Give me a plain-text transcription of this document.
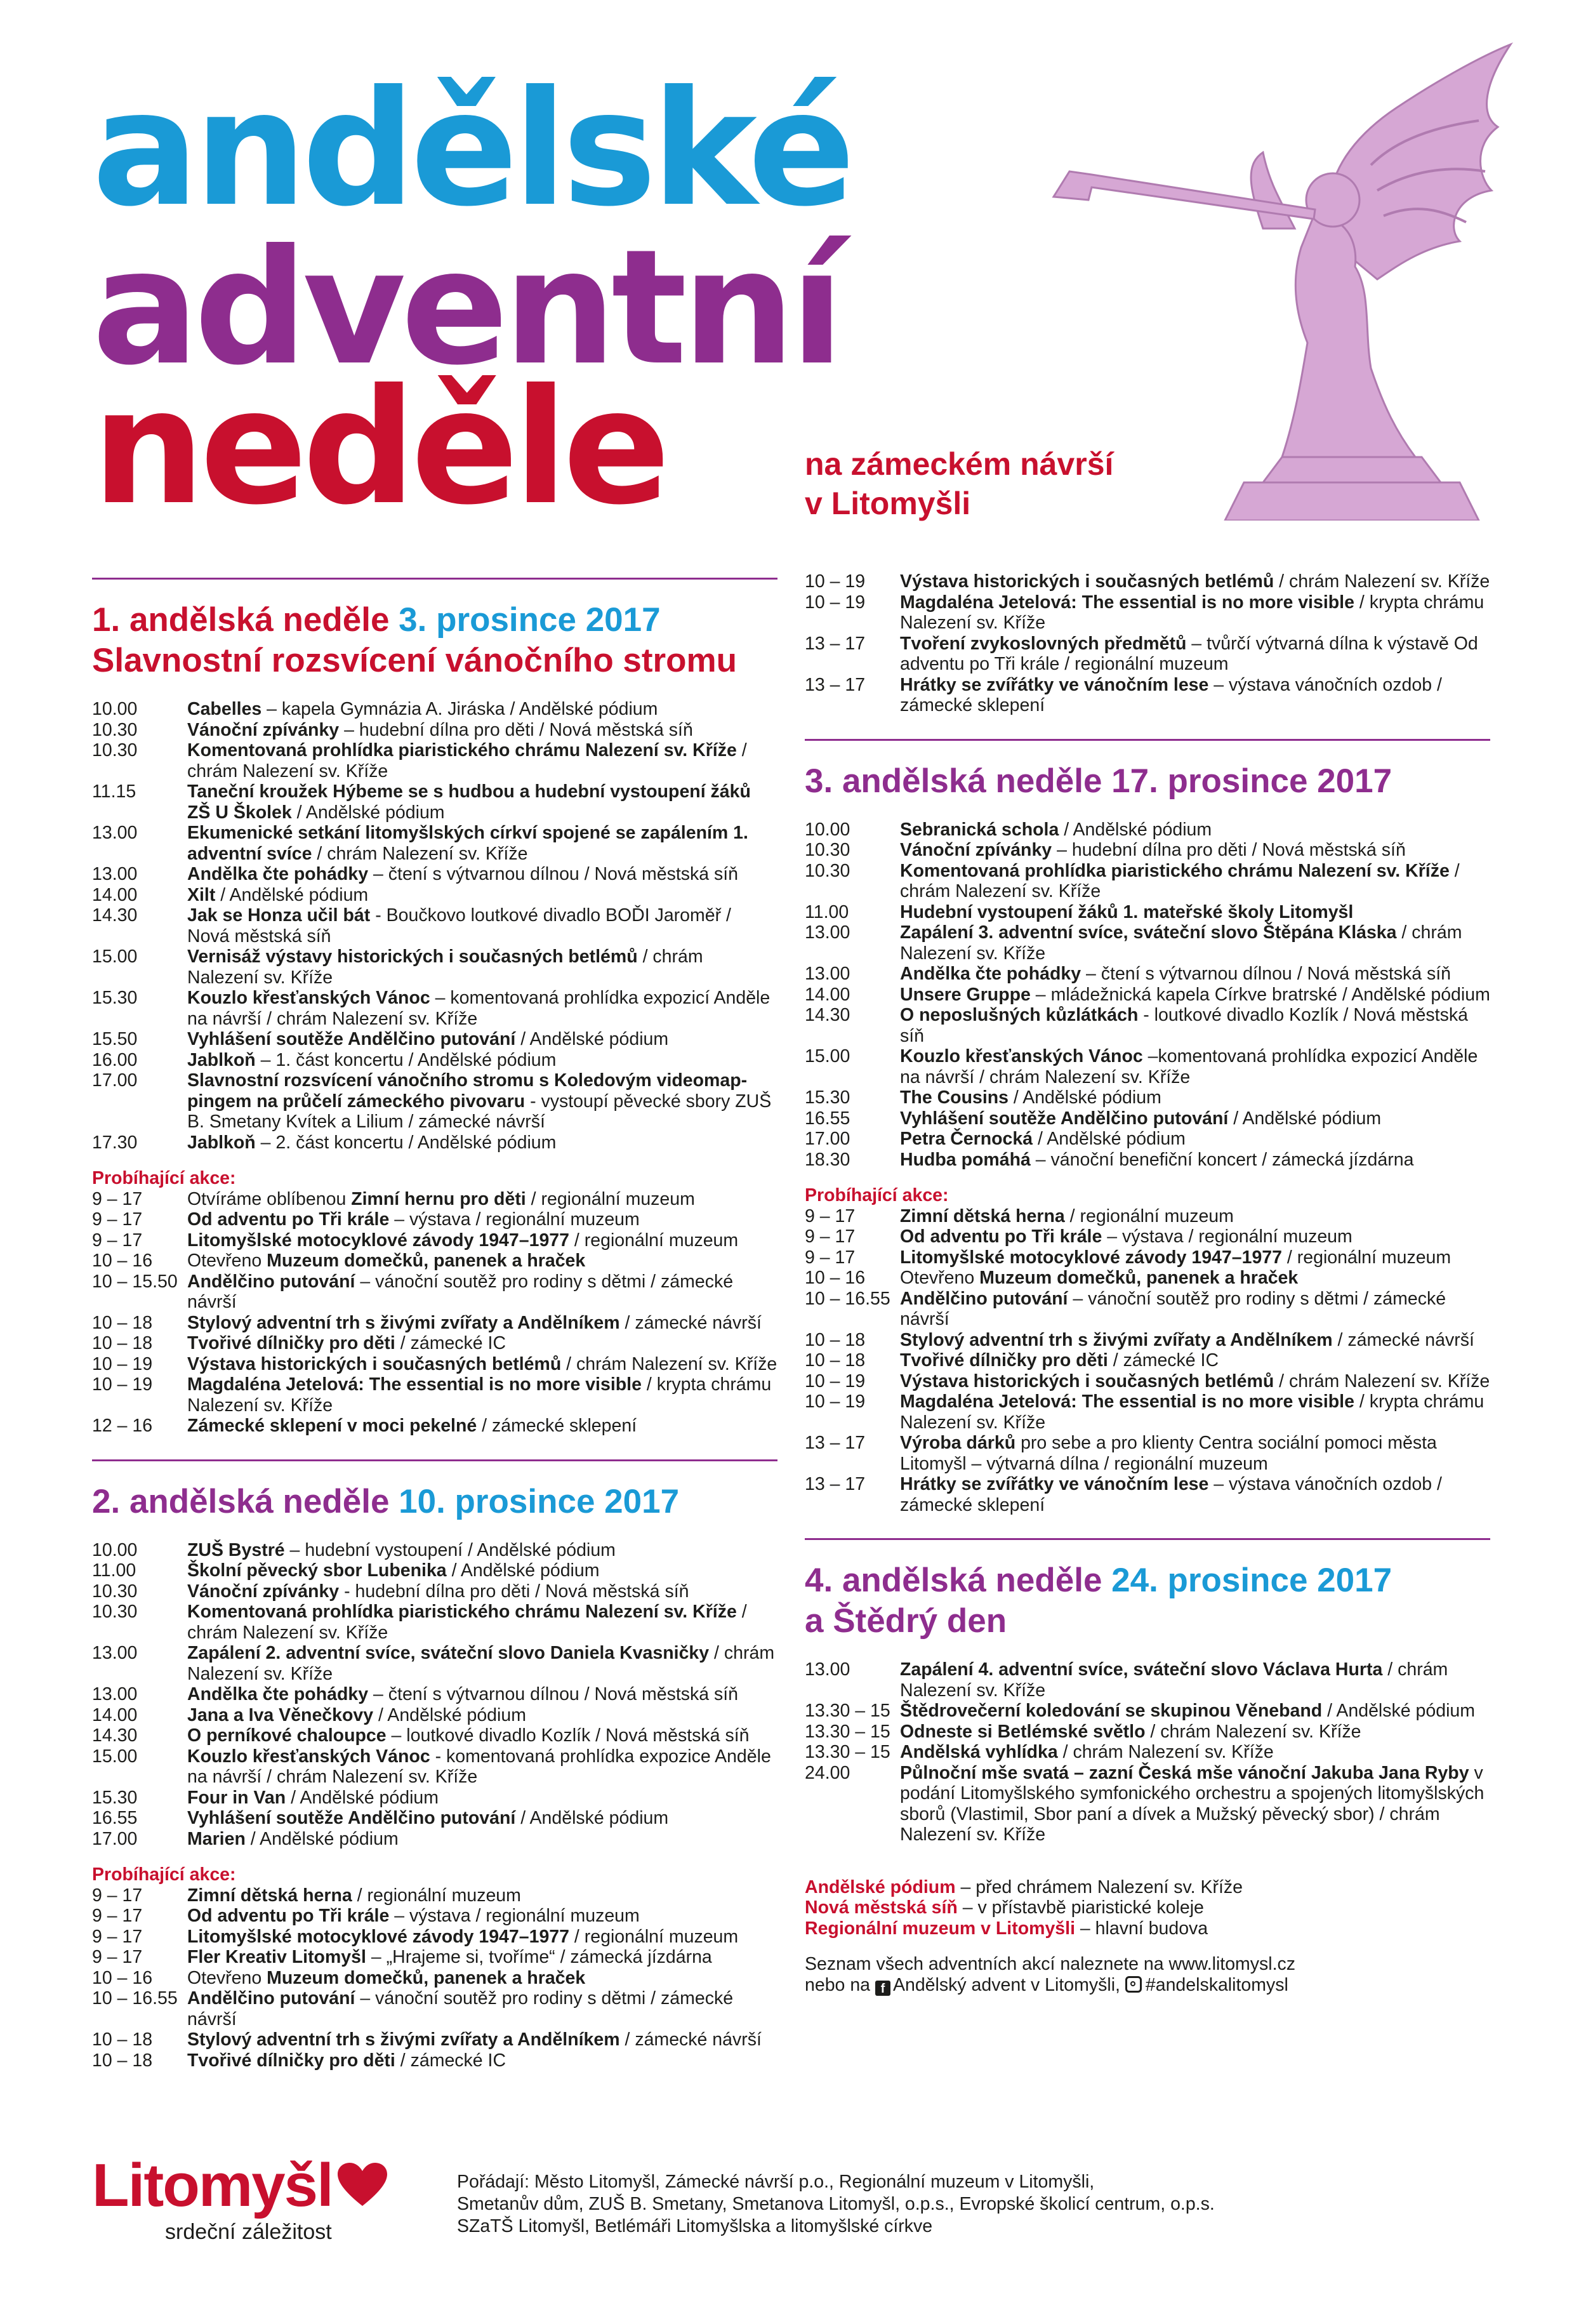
andělské
adventní
neděle	na zámeckém návrší
v Litomyšli
1. andělská neděle 3. prosince 2017
Slavnostní rozsvícení vánočního stromu
10.00	Cabelles – kapela Gymnázia A. Jiráska / Andělské pódium
10.30	Vánoční zpívánky – hudební dílna pro děti / Nová městská síň
10.30	Komentovaná prohlídka piaristického chrámu Nalezení sv. Kříže / chrám Nalezení sv. Kříže
11.15	Taneční kroužek Hýbeme se s hudbou a hudební vystoupení žáků ZŠ U Školek / Andělské pódium
13.00	Ekumenické setkání litomyšlských církví spojené se zapálením 1. adventní svíce / chrám Nalezení sv. Kříže
13.00	Andělka čte pohádky – čtení s výtvarnou dílnou / Nová městská síň
14.00	Xilt / Andělské pódium
14.30	Jak se Honza učil bát - Boučkovo loutkové divadlo BOĎI Jaroměř / Nová městská síň
15.00	Vernisáž výstavy historických i současných betlémů / chrám Nalezení sv. Kříže
15.30	Kouzlo křesťanských Vánoc – komentovaná prohlídka expozicí Anděle na návrší / chrám Nalezení sv. Kříže
15.50	Vyhlášení soutěže Andělčino putování / Andělské pódium
16.00	Jablkoň – 1. část koncertu / Andělské pódium
17.00	Slavnostní rozsvícení vánočního stromu s Koledovým videomap-pingem na průčelí zámeckého pivovaru - vystoupí pěvecké sbory ZUŠ B. Smetany Kvítek a Lilium / zámecké návrší
17.30	Jablkoň – 2. část koncertu / Andělské pódium
Probíhající akce:
9 – 17	Otvíráme oblíbenou Zimní hernu pro děti / regionální muzeum
9 – 17	Od adventu po Tři krále – výstava / regionální muzeum
9 – 17	Litomyšlské motocyklové závody 1947–1977 / regionální muzeum
10 – 16	Otevřeno Muzeum domečků, panenek a hraček
10 – 15.50 Andělčino putování – vánoční soutěž pro rodiny s dětmi / zámecké návrší
10 – 18	Stylový adventní trh s živými zvířaty a Andělníkem / zámecké návrší
10 – 18	Tvořivé dílničky pro děti / zámecké IC
10 – 19	Výstava historických i současných betlémů / chrám Nalezení sv. Kříže
10 – 19	Magdaléna Jetelová: The essential is no more visible / krypta chrámu Nalezení sv. Kříže
12 – 16	Zámecké sklepení v moci pekelné / zámecké sklepení
2. andělská neděle 10. prosince 2017
10.00	ZUŠ Bystré – hudební vystoupení / Andělské pódium
11.00	Školní pěvecký sbor Lubenika / Andělské pódium
10.30	Vánoční zpívánky - hudební dílna pro děti / Nová městská síň
10.30	Komentovaná prohlídka piaristického chrámu Nalezení sv. Kříže / chrám Nalezení sv. Kříže
13.00	Zapálení 2. adventní svíce, sváteční slovo Daniela Kvasničky / chrám Nalezení sv. Kříže
13.00	Andělka čte pohádky – čtení s výtvarnou dílnou / Nová městská síň
14.00	Jana a Iva Věnečkovy / Andělské pódium
14.30	O perníkové chaloupce – loutkové divadlo Kozlík / Nová městská síň
15.00	Kouzlo křesťanských Vánoc - komentovaná prohlídka expozice Anděle na návrší / chrám Nalezení sv. Kříže
15.30	Four in Van / Andělské pódium
16.55	Vyhlášení soutěže Andělčino putování / Andělské pódium
17.00	Marien / Andělské pódium
Probíhající akce:
9 – 17	Zimní dětská herna / regionální muzeum
9 – 17	Od adventu po Tři krále – výstava / regionální muzeum
9 – 17	Litomyšlské motocyklové závody 1947–1977 / regionální muzeum
9 – 17	Fler Kreativ Litomyšl – „Hrajeme si, tvoříme“ / zámecká jízdárna
10 – 16	Otevřeno Muzeum domečků, panenek a hraček
10 – 16.55 Andělčino putování – vánoční soutěž pro rodiny s dětmi / zámecké návrší
10 – 18	Stylový adventní trh s živými zvířaty a Andělníkem / zámecké návrší
10 – 18	Tvořivé dílničky pro děti / zámecké IC
10 – 19	Výstava historických i současných betlémů / chrám Nalezení sv. Kříže
10 – 19	Magdaléna Jetelová: The essential is no more visible / krypta chrámu Nalezení sv. Kříže
13 – 17	Tvoření zvykoslovných předmětů – tvůrčí výtvarná dílna k výstavě Od adventu po Tři krále / regionální muzeum
13 – 17	Hrátky se zvířátky ve vánočním lese – výstava vánočních ozdob / zámecké sklepení
3. andělská neděle 17. prosince 2017
10.00	Sebranická schola / Andělské pódium
10.30	Vánoční zpívánky – hudební dílna pro děti / Nová městská síň
10.30	Komentovaná prohlídka piaristického chrámu Nalezení sv. Kříže / chrám Nalezení sv. Kříže
11.00	Hudební vystoupení žáků 1. mateřské školy Litomyšl
13.00	Zapálení 3. adventní svíce, sváteční slovo Štěpána Kláska / chrám Nalezení sv. Kříže
13.00	Andělka čte pohádky – čtení s výtvarnou dílnou / Nová městská síň
14.00	Unsere Gruppe – mládežnická kapela Církve bratrské / Andělské pódium
14.30	O neposlušných kůzlátkách - loutkové divadlo Kozlík / Nová městská síň
15.00	Kouzlo křesťanských Vánoc –komentovaná prohlídka expozicí Anděle na návrší / chrám Nalezení sv. Kříže
15.30	The Cousins / Andělské pódium
16.55	Vyhlášení soutěže Andělčino putování / Andělské pódium
17.00	Petra Černocká / Andělské pódium
18.30	Hudba pomáhá – vánoční benefiční koncert / zámecká jízdárna
Probíhající akce:
9 – 17	Zimní dětská herna / regionální muzeum
9 – 17	Od adventu po Tři krále – výstava / regionální muzeum
9 – 17	Litomyšlské motocyklové závody 1947–1977 / regionální muzeum
10 – 16	Otevřeno Muzeum domečků, panenek a hraček
10 – 16.55 Andělčino putování – vánoční soutěž pro rodiny s dětmi / zámecké návrší
10 – 18	Stylový adventní trh s živými zvířaty a Andělníkem / zámecké návrší
10 – 18	Tvořivé dílničky pro děti / zámecké IC
10 – 19	Výstava historických i současných betlémů / chrám Nalezení sv. Kříže
10 – 19	Magdaléna Jetelová: The essential is no more visible / krypta chrámu Nalezení sv. Kříže
13 – 17	Výroba dárků pro sebe a pro klienty Centra sociální pomoci města Litomyšl – výtvarná dílna / regionální muzeum
13 – 17	Hrátky se zvířátky ve vánočním lese – výstava vánočních ozdob / zámecké sklepení
4. andělská neděle 24. prosince 2017
a Štědrý den
13.00	Zapálení 4. adventní svíce, sváteční slovo Václava Hurta / chrám Nalezení sv. Kříže
13.30 – 15 Štědrovečerní koledování se skupinou Věneband / Andělské pódium
13.30 – 15 Odneste si Betlémské světlo / chrám Nalezení sv. Kříže
13.30 – 15 Andělská vyhlídka / chrám Nalezení sv. Kříže
24.00	Půlnoční mše svatá – zazní Česká mše vánoční Jakuba Jana Ryby v podání Litomyšlského symfonického orchestru a spojených litomyšlských sborů (Vlastimil, Sbor paní a dívek a Mužský pěvecký sbor) / chrám Nalezení sv. Kříže
Andělské pódium – před chrámem Nalezení sv. Kříže
Nová městská síň – v přístavbě piaristické koleje
Regionální muzeum v Litomyšli – hlavní budova
Seznam všech adventních akcí naleznete na www.litomysl.cz
nebo na f Andělský advent v Litomyšli, #andelskalitomysl
Litomyšl
srdeční záležitost
Pořádají: Město Litomyšl, Zámecké návrší p.o., Regionální muzeum v Litomyšli,
Smetanův dům, ZUŠ B. Smetany, Smetanova Litomyšl, o.p.s., Evropské školicí centrum, o.p.s.
SZaTŠ Litomyšl, Betlémáři Litomyšlska a litomyšlské církve
